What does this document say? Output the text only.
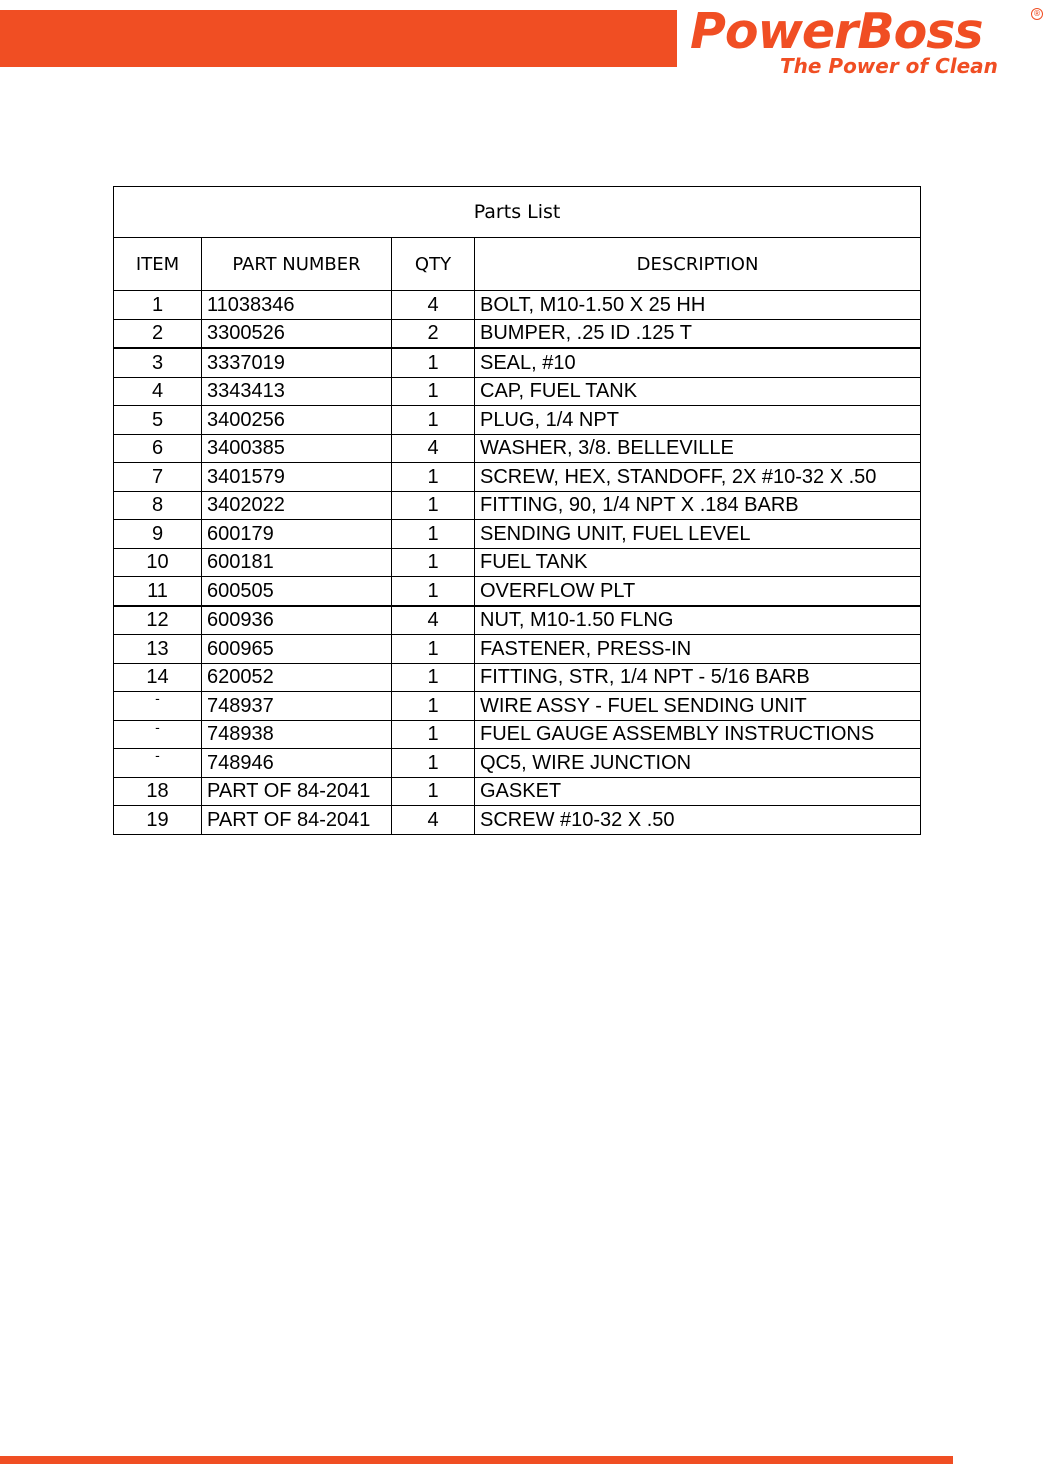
PowerBoss	®
The Power of Clean
Parts List			
ITEM	PART NUMBER	QTY	DESCRIPTION
1	11038346	4	BOLT, M10-1.50 X 25 HH
2	3300526	2	BUMPER, .25 ID .125 T
3	3337019	1	SEAL, #10
4	3343413	1	CAP, FUEL TANK
5	3400256	1	PLUG, 1/4 NPT
6	3400385	4	WASHER, 3/8. BELLEVILLE
7	3401579	1	SCREW, HEX, STANDOFF, 2X #10-32 X .50
8	3402022	1	FITTING, 90, 1/4 NPT X .184 BARB
9	600179	1	SENDING UNIT, FUEL LEVEL
10	600181	1	FUEL TANK
11	600505	1	OVERFLOW PLT
12	600936	4	NUT, M10-1.50 FLNG
13	600965	1	FASTENER, PRESS-IN
14	620052	1	FITTING, STR, 1/4 NPT - 5/16 BARB
-	748937	1	WIRE ASSY - FUEL SENDING UNIT
-	748938	1	FUEL GAUGE ASSEMBLY INSTRUCTIONS
-	748946	1	QC5, WIRE JUNCTION
18	PART OF 84-2041	1	GASKET
19	PART OF 84-2041	4	SCREW #10-32 X .50
